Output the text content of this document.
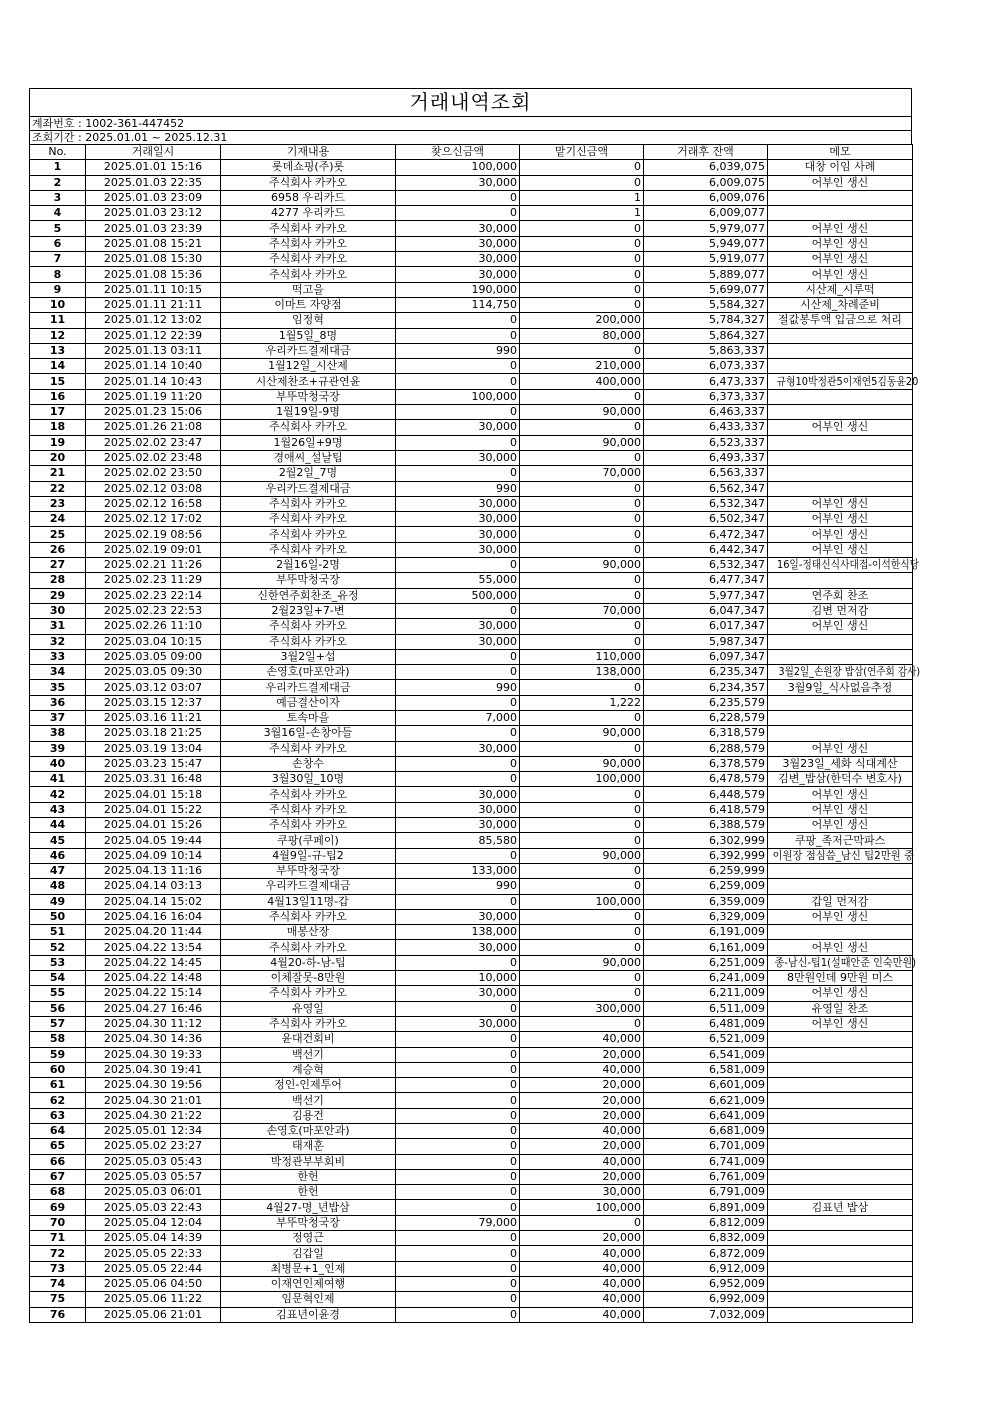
거래내역조회
계좌번호 : 1002-361-447452
조회기간 : 2025.01.01 ~ 2025.12.31
No.	거래일시	기재내용	찾으신금액	맡기신금액	거래후 잔액	메모
1	2025.01.01 15:16	롯데쇼핑(주)롯	100,000	0	6,039,075	대창 이임 사례
2	2025.01.03 22:35	주식회사 카카오	30,000	0	6,009,075	어부인 생신
3	2025.01.03 23:09	6958 우리카드	0	1	6,009,076	
4	2025.01.03 23:12	4277 우리카드	0	1	6,009,077	
5	2025.01.03 23:39	주식회사 카카오	30,000	0	5,979,077	어부인 생신
6	2025.01.08 15:21	주식회사 카카오	30,000	0	5,949,077	어부인 생신
7	2025.01.08 15:30	주식회사 카카오	30,000	0	5,919,077	어부인 생신
8	2025.01.08 15:36	주식회사 카카오	30,000	0	5,889,077	어부인 생신
9	2025.01.11 10:15	떡고을	190,000	0	5,699,077	시산제_시루떡
10	2025.01.11 21:11	이마트 자양점	114,750	0	5,584,327	시산제_차례준비
11	2025.01.12 13:02	임정혁	0	200,000	5,784,327	절값봉투액 입금으로 처리
12	2025.01.12 22:39	1월5일_8명	0	80,000	5,864,327	
13	2025.01.13 03:11	우리카드결제대금	990	0	5,863,337	
14	2025.01.14 10:40	1월12일_시산제	0	210,000	6,073,337	
15	2025.01.14 10:43	시산제찬조+규관연윤	0	400,000	6,473,337	규형10박정관5이재연5김동윤20
16	2025.01.19 11:20	부뚜막청국장	100,000	0	6,373,337	
17	2025.01.23 15:06	1월19일-9명	0	90,000	6,463,337	
18	2025.01.26 21:08	주식회사 카카오	30,000	0	6,433,337	어부인 생신
19	2025.02.02 23:47	1월26일+9명	0	90,000	6,523,337	
20	2025.02.02 23:48	경애씨_설날팁	30,000	0	6,493,337	
21	2025.02.02 23:50	2월2일_7명	0	70,000	6,563,337	
22	2025.02.12 03:08	우리카드결제대금	990	0	6,562,347	
23	2025.02.12 16:58	주식회사 카카오	30,000	0	6,532,347	어부인 생신
24	2025.02.12 17:02	주식회사 카카오	30,000	0	6,502,347	어부인 생신
25	2025.02.19 08:56	주식회사 카카오	30,000	0	6,472,347	어부인 생신
26	2025.02.19 09:01	주식회사 카카오	30,000	0	6,442,347	어부인 생신
27	2025.02.21 11:26	2월16일-2명	0	90,000	6,532,347	16일-정태신식사대접-이석한식당
28	2025.02.23 11:29	부뚜막청국장	55,000	0	6,477,347	
29	2025.02.23 22:14	신한연주회찬조_유정	500,000	0	5,977,347	연주회 찬조
30	2025.02.23 22:53	2월23일+7-변	0	70,000	6,047,347	김변 먼저감
31	2025.02.26 11:10	주식회사 카카오	30,000	0	6,017,347	어부인 생신
32	2025.03.04 10:15	주식회사 카카오	30,000	0	5,987,347	
33	2025.03.05 09:00	3월2일+섭	0	110,000	6,097,347	
34	2025.03.05 09:30	손영호(마포안과)	0	138,000	6,235,347	3월2일_손원장 밥삼(연주회 감사)
35	2025.03.12 03:07	우리카드결제대금	990	0	6,234,357	3월9일_식사없음추정
36	2025.03.15 12:37	예금결산이자	0	1,222	6,235,579	
37	2025.03.16 11:21	토속마을	7,000	0	6,228,579	
38	2025.03.18 21:25	3월16일-손창아들	0	90,000	6,318,579	
39	2025.03.19 13:04	주식회사 카카오	30,000	0	6,288,579	어부인 생신
40	2025.03.23 15:47	손창수	0	90,000	6,378,579	3월23일_세화 식대계산
41	2025.03.31 16:48	3월30일_10명	0	100,000	6,478,579	김변_밥삼(한덕수 변호사)
42	2025.04.01 15:18	주식회사 카카오	30,000	0	6,448,579	어부인 생신
43	2025.04.01 15:22	주식회사 카카오	30,000	0	6,418,579	어부인 생신
44	2025.04.01 15:26	주식회사 카카오	30,000	0	6,388,579	어부인 생신
45	2025.04.05 19:44	쿠팡(쿠페이)	85,580	0	6,302,999	쿠팡_족저근막파스
46	2025.04.09 10:14	4월9일-규-팁2	0	90,000	6,392,999	이원장 점심씀_남신 팁2만원 중
47	2025.04.13 11:16	부뚜막청국장	133,000	0	6,259,999	
48	2025.04.14 03:13	우리카드결제대금	990	0	6,259,009	
49	2025.04.14 15:02	4월13일11명-갑	0	100,000	6,359,009	갑일 먼저감
50	2025.04.16 16:04	주식회사 카카오	30,000	0	6,329,009	어부인 생신
51	2025.04.20 11:44	매봉산장	138,000	0	6,191,009	
52	2025.04.22 13:54	주식회사 카카오	30,000	0	6,161,009	어부인 생신
53	2025.04.22 14:45	4월20-하-남-팁	0	90,000	6,251,009	종-남신-팁1(설때안준 인숙만원)
54	2025.04.22 14:48	이체잘못-8만원	10,000	0	6,241,009	8만원인데 9만원 미스
55	2025.04.22 15:14	주식회사 카카오	30,000	0	6,211,009	어부인 생신
56	2025.04.27 16:46	유영일	0	300,000	6,511,009	유영일 찬조
57	2025.04.30 11:12	주식회사 카카오	30,000	0	6,481,009	어부인 생신
58	2025.04.30 14:36	윤대건회비	0	40,000	6,521,009	
59	2025.04.30 19:33	백선기	0	20,000	6,541,009	
60	2025.04.30 19:41	계승혁	0	40,000	6,581,009	
61	2025.04.30 19:56	정인-인제투어	0	20,000	6,601,009	
62	2025.04.30 21:01	백선기	0	20,000	6,621,009	
63	2025.04.30 21:22	김용건	0	20,000	6,641,009	
64	2025.05.01 12:34	손영호(마포안과)	0	40,000	6,681,009	
65	2025.05.02 23:27	태재훈	0	20,000	6,701,009	
66	2025.05.03 05:43	박정관부부회비	0	40,000	6,741,009	
67	2025.05.03 05:57	한헌	0	20,000	6,761,009	
68	2025.05.03 06:01	한헌	0	30,000	6,791,009	
69	2025.05.03 22:43	4월27-명_년밥삼	0	100,000	6,891,009	김표년 밥삼
70	2025.05.04 12:04	부뚜막청국장	79,000	0	6,812,009	
71	2025.05.04 14:39	정영근	0	20,000	6,832,009	
72	2025.05.05 22:33	김갑일	0	40,000	6,872,009	
73	2025.05.05 22:44	최병문+1_인제	0	40,000	6,912,009	
74	2025.05.06 04:50	이재연인제여행	0	40,000	6,952,009	
75	2025.05.06 11:22	임문혁인제	0	40,000	6,992,009	
76	2025.05.06 21:01	김표년이윤경	0	40,000	7,032,009	
